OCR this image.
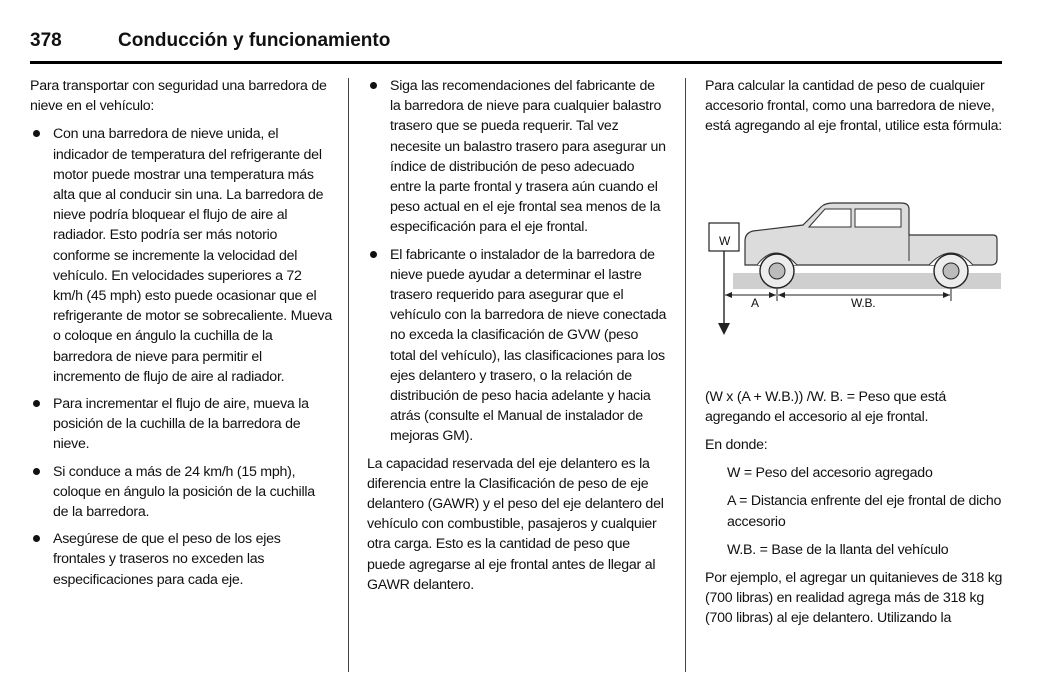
378	Conducción y funcionamiento

Para transportar con seguridad una barredora de nieve en el vehículo:

Con una barredora de nieve unida, el indicador de temperatura del refrigerante del motor puede mostrar una temperatura más alta que al conducir sin una. La barredora de nieve podría bloquear el flujo de aire al radiador. Esto podría ser más notorio conforme se incremente la velocidad del vehículo. En velocidades superiores a 72 km/h (45 mph) esto puede ocasionar que el refrigerante de motor se sobrecaliente. Mueva o coloque en ángulo la cuchilla de la barredora de nieve para permitir el incremento de flujo de aire al radiador.
Para incrementar el flujo de aire, mueva la posición de la cuchilla de la barredora de nieve.
Si conduce a más de 24 km/h (15 mph), coloque en ángulo la posición de la cuchilla de la barredora.
Asegúrese de que el peso de los ejes frontales y traseros no exceden las especificaciones para cada eje.
Siga las recomendaciones del fabricante de la barredora de nieve para cualquier balastro trasero que se pueda requerir. Tal vez necesite un balastro trasero para asegurar un índice de distribución de peso adecuado entre la parte frontal y trasera aún cuando el peso actual en el eje frontal sea menos de la especificación para el eje frontal.
El fabricante o instalador de la barredora de nieve puede ayudar a determinar el lastre trasero requerido para asegurar que el vehículo con la barredora de nieve conectada no exceda la clasificación de GVW (peso total del vehículo), las clasificaciones para los ejes delantero y trasero, o la relación de distribución de peso hacia adelante y hacia atrás (consulte el Manual de instalador de mejoras GM).

La capacidad reservada del eje delantero es la diferencia entre la Clasificación de peso de eje delantero (GAWR) y el peso del eje delantero del vehículo con combustible, pasajeros y cualquier otra carga. Esto es la cantidad de peso que puede agregarse al eje frontal antes de llegar al GAWR delantero.

Para calcular la cantidad de peso de cualquier accesorio frontal, como una barredora de nieve, está agregando al eje frontal, utilice esta fórmula:

W
A	W.B.

(W x (A + W.B.)) /W. B. = Peso que está agregando el accesorio al eje frontal.

En donde:

W = Peso del accesorio agregado

A = Distancia enfrente del eje frontal de dicho accesorio

W.B. = Base de la llanta del vehículo

Por ejemplo, el agregar un quitanieves de 318 kg (700 libras) en realidad agrega más de 318 kg (700 libras) al eje delantero. Utilizando la
